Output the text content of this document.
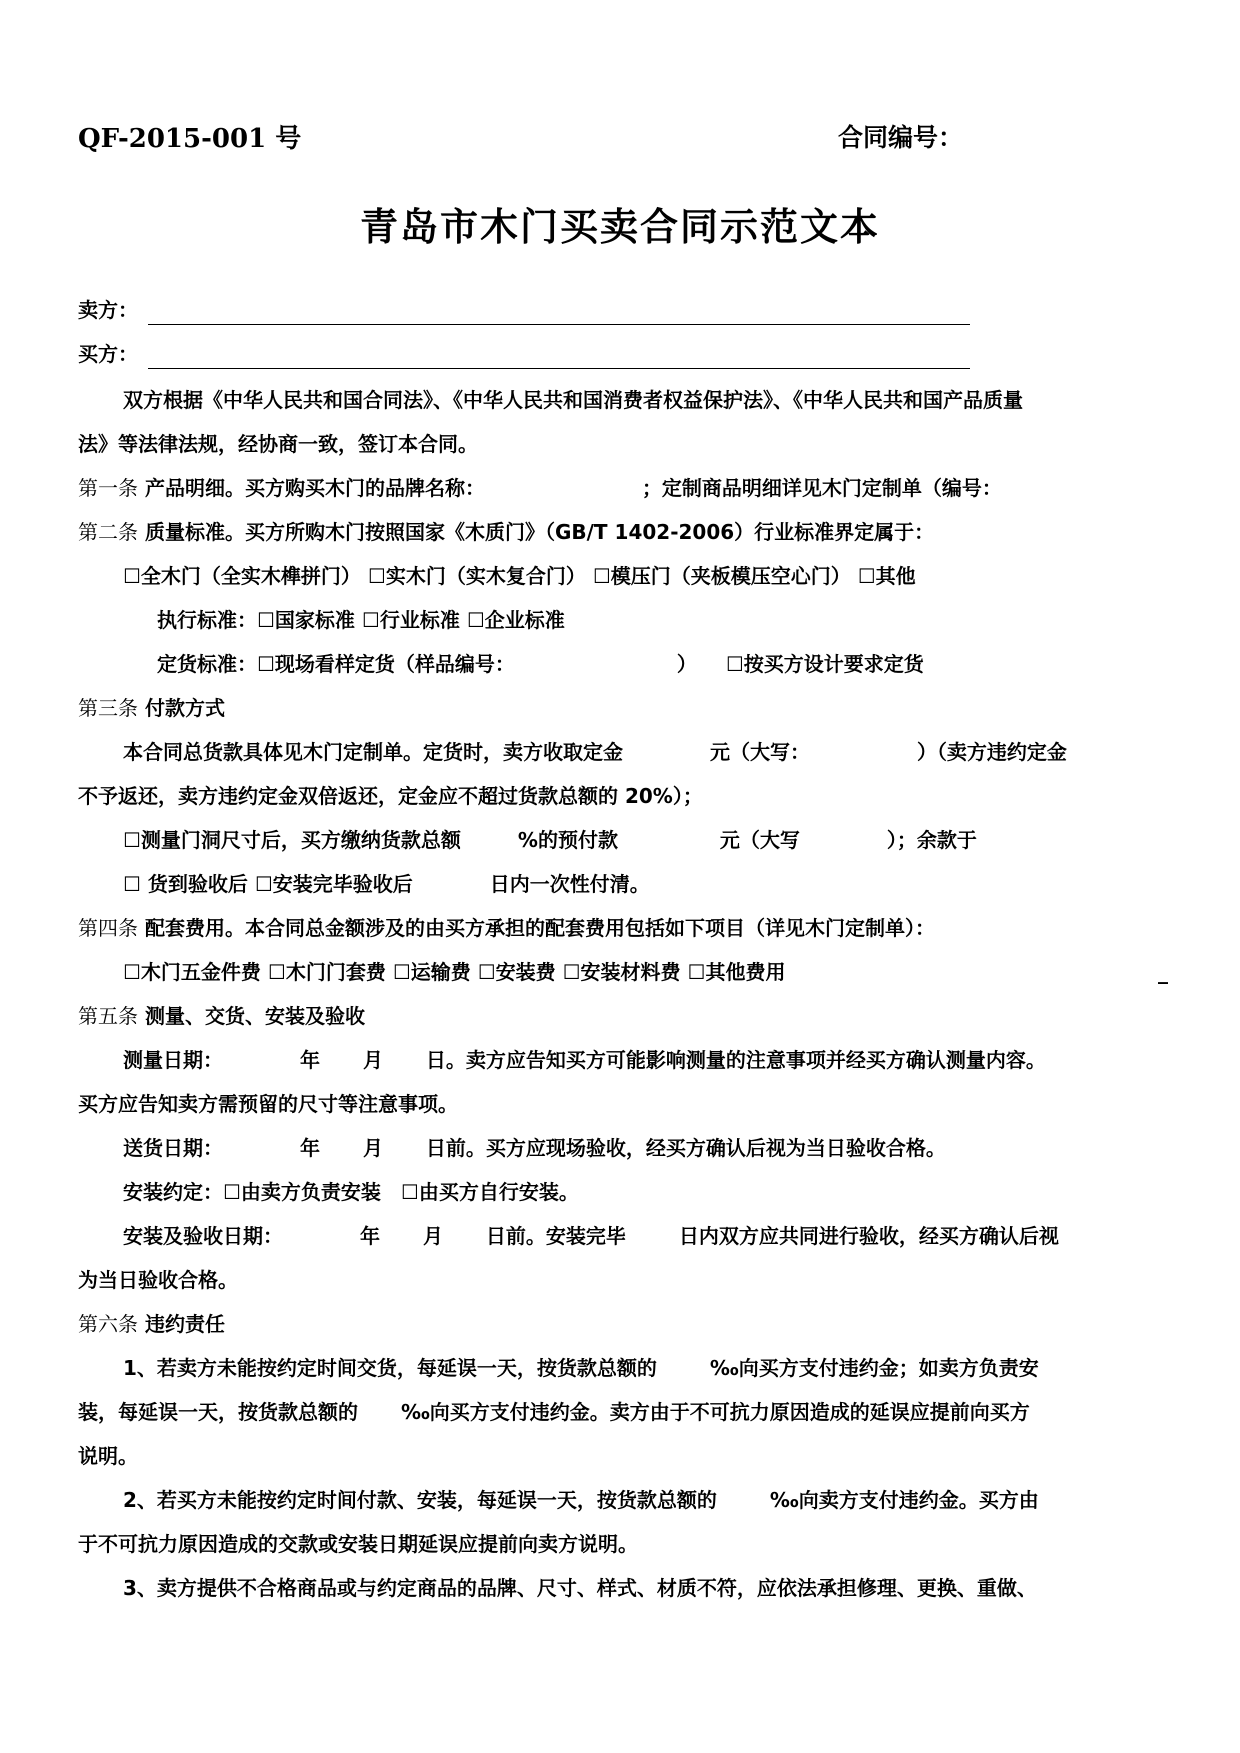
QF-2015-001 号	合同编号：
青岛市木门买卖合同示范文本
卖方：
买方：
双方根据《中华人民共和国合同法》、《中华人民共和国消费者权益保护法》、《中华人民共和国产品质量
法》等法律法规，经协商一致，签订本合同。
第一条 产品明细。买方购买木门的品牌名称：	；定制商品明细详见木门定制单（编号：
第二条 质量标准。买方所购木门按照国家《木质门》（GB/T 1402-2006）行业标准界定属于：
☐全木门（全实木榫拼门） ☐实木门（实木复合门） ☐模压门（夹板模压空心门） ☐其他
执行标准：☐国家标准 ☐行业标准 ☐企业标准
定货标准：☐现场看样定货（样品编号：	） ☐按买方设计要求定货
第三条 付款方式
本合同总货款具体见木门定制单。定货时，卖方收取定金	元（大写：	）（卖方违约定金
不予返还，卖方违约定金双倍返还，定金应不超过货款总额的 20%）；
☐测量门洞尺寸后，买方缴纳货款总额	%的预付款	元（大写	）；余款于
☐ 货到验收后 ☐安装完毕验收后	日内一次性付清。
第四条 配套费用。本合同总金额涉及的由买方承担的配套费用包括如下项目（详见木门定制单）：
☐木门五金件费 ☐木门门套费 ☐运输费 ☐安装费 ☐安装材料费 ☐其他费用	_
第五条 测量、交货、安装及验收
测量日期：	年 月 日。卖方应告知买方可能影响测量的注意事项并经买方确认测量内容。
买方应告知卖方需预留的尺寸等注意事项。
送货日期：	年 月 日前。买方应现场验收，经买方确认后视为当日验收合格。
安装约定：☐由卖方负责安装　☐由买方自行安装。
安装及验收日期：	年 月 日前。安装完毕	日内双方应共同进行验收，经买方确认后视
为当日验收合格。
第六条 违约责任
1、若卖方未能按约定时间交货，每延误一天，按货款总额的	‰向买方支付违约金；如卖方负责安
装，每延误一天，按货款总额的 ‰向买方支付违约金。卖方由于不可抗力原因造成的延误应提前向买方
说明。
2、若买方未能按约定时间付款、安装，每延误一天，按货款总额的	‰向卖方支付违约金。买方由
于不可抗力原因造成的交款或安装日期延误应提前向卖方说明。
3、卖方提供不合格商品或与约定商品的品牌、尺寸、样式、材质不符，应依法承担修理、更换、重做、
